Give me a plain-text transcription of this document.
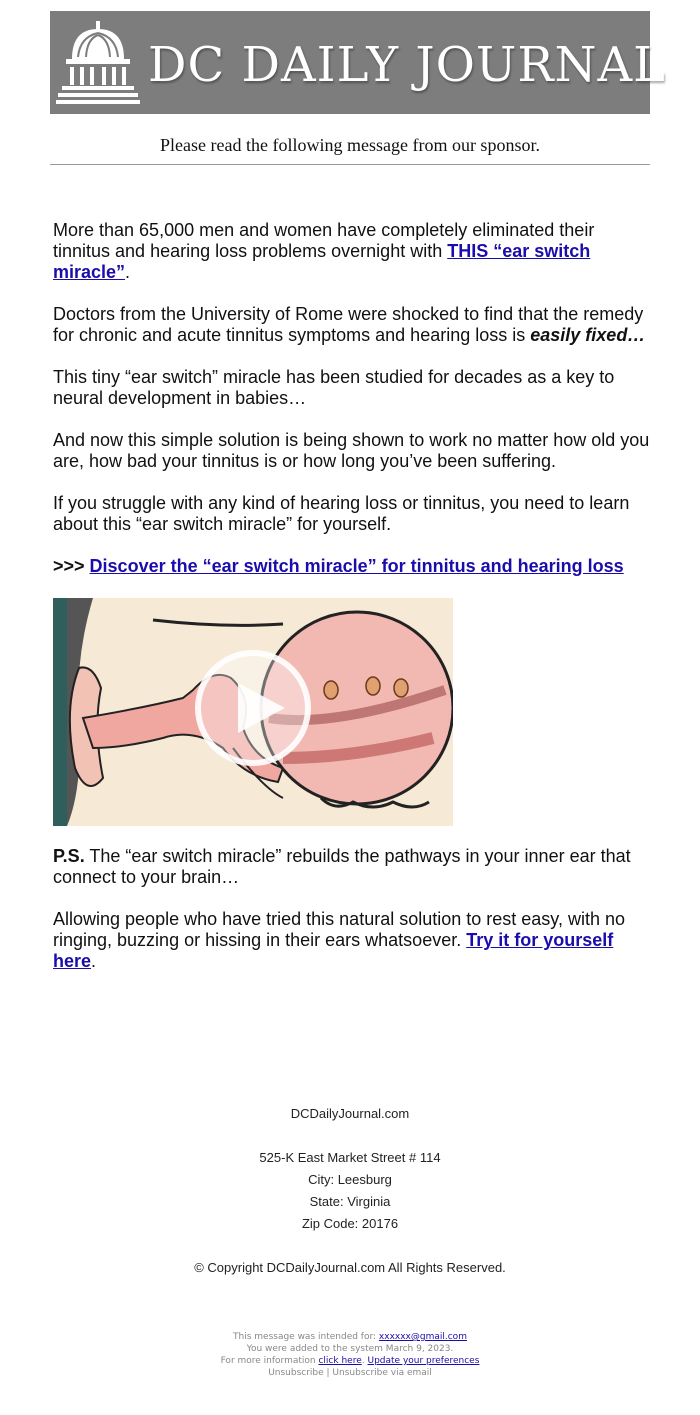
DC DAILY JOURNAL
Please read the following message from our sponsor.

More than 65,000 men and women have completely eliminated their tinnitus and hearing loss problems overnight with THIS “ear switch miracle”.

Doctors from the University of Rome were shocked to find that the remedy for chronic and acute tinnitus symptoms and hearing loss is easily fixed…

This tiny “ear switch” miracle has been studied for decades as a key to neural development in babies…

And now this simple solution is being shown to work no matter how old you are, how bad your tinnitus is or how long you’ve been suffering.

If you struggle with any kind of hearing loss or tinnitus, you need to learn about this “ear switch miracle” for yourself.

>>> Discover the “ear switch miracle” for tinnitus and hearing loss

P.S. The “ear switch miracle” rebuilds the pathways in your inner ear that connect to your brain…

Allowing people who have tried this natural solution to rest easy, with no ringing, buzzing or hissing in their ears whatsoever. Try it for yourself here.

DCDailyJournal.com
525-K East Market Street # 114
City: Leesburg
State: Virginia
Zip Code: 20176
© Copyright DCDailyJournal.com All Rights Reserved.
This message was intended for: xxxxxx@gmail.com
You were added to the system March 9, 2023.
For more information click here. Update your preferences
Unsubscribe | Unsubscribe via email
